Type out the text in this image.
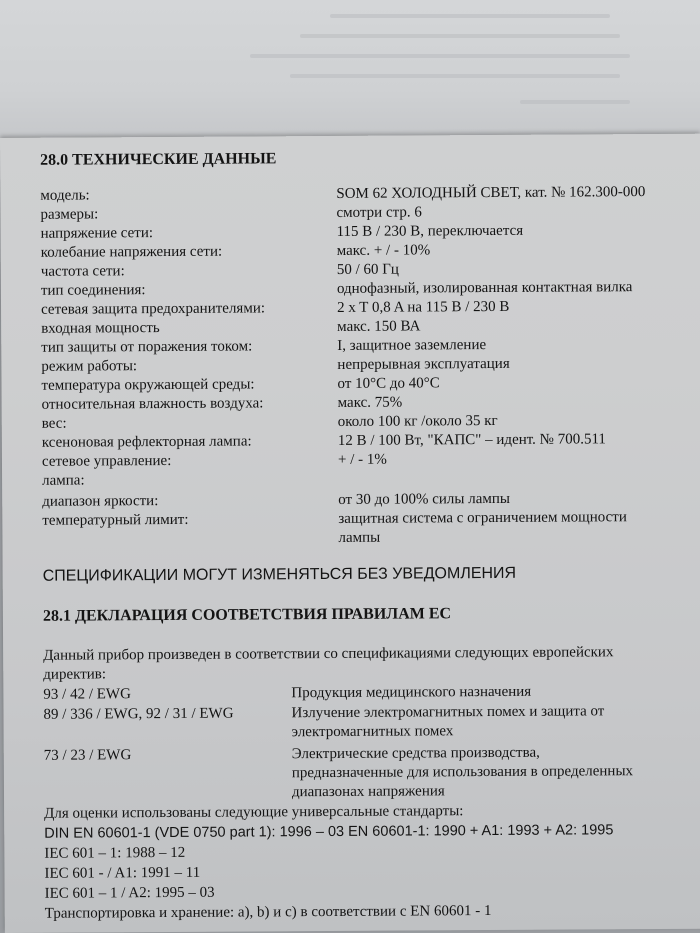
28.0 ТЕХНИЧЕСКИЕ ДАННЫЕ
модель:	SOM 62 ХОЛОДНЫЙ СВЕТ, кат. № 162.300-000
размеры:	смотри стр. 6
напряжение сети:	115 В / 230 В, переключается
колебание напряжения сети:	макс. + / - 10%
частота сети:	50 / 60 Гц
тип соединения:	однофазный, изолированная контактная вилка
сетевая защита предохранителями:	2 x T 0,8 A на 115 В / 230 В
входная мощность	макс. 150 ВА
тип защиты от поражения током:	I, защитное заземление
режим работы:	непрерывная эксплуатация
температура окружающей среды:	от 10°С до 40°С
относительная влажность воздуха:	макс. 75%
вес:	около 100 кг /около 35 кг
ксеноновая рефлекторная лампа:	12 В / 100 Вт, "КАПС" – идент. № 700.511
сетевое управление:	+ / - 1%
лампа:
диапазон яркости:	от 30 до 100% силы лампы
температурный лимит:	защитная система с ограничением мощности
лампы
СПЕЦИФИКАЦИИ МОГУТ ИЗМЕНЯТЬСЯ БЕЗ УВЕДОМЛЕНИЯ
28.1 ДЕКЛАРАЦИЯ СООТВЕТСТВИЯ ПРАВИЛАМ ЕС
Данный прибор произведен в соответствии со спецификациями следующих европейских
директив:
93 / 42 / EWG	Продукция медицинского назначения
89 / 336 / EWG, 92 / 31 / EWG	Излучение электромагнитных помех и защита от
электромагнитных помех
73 / 23 / EWG	Электрические средства производства,
предназначенные для использования в определенных
диапазонах напряжения
Для оценки использованы следующие универсальные стандарты:
DIN EN 60601-1 (VDE 0750 part 1): 1996 – 03 EN 60601-1: 1990 + A1: 1993 + A2: 1995
IEC 601 – 1: 1988 – 12
IEC 601 - / A1: 1991 – 11
IEC 601 – 1 / A2: 1995 – 03
Транспортировка и хранение: a), b) и c) в соответствии с EN 60601 - 1
